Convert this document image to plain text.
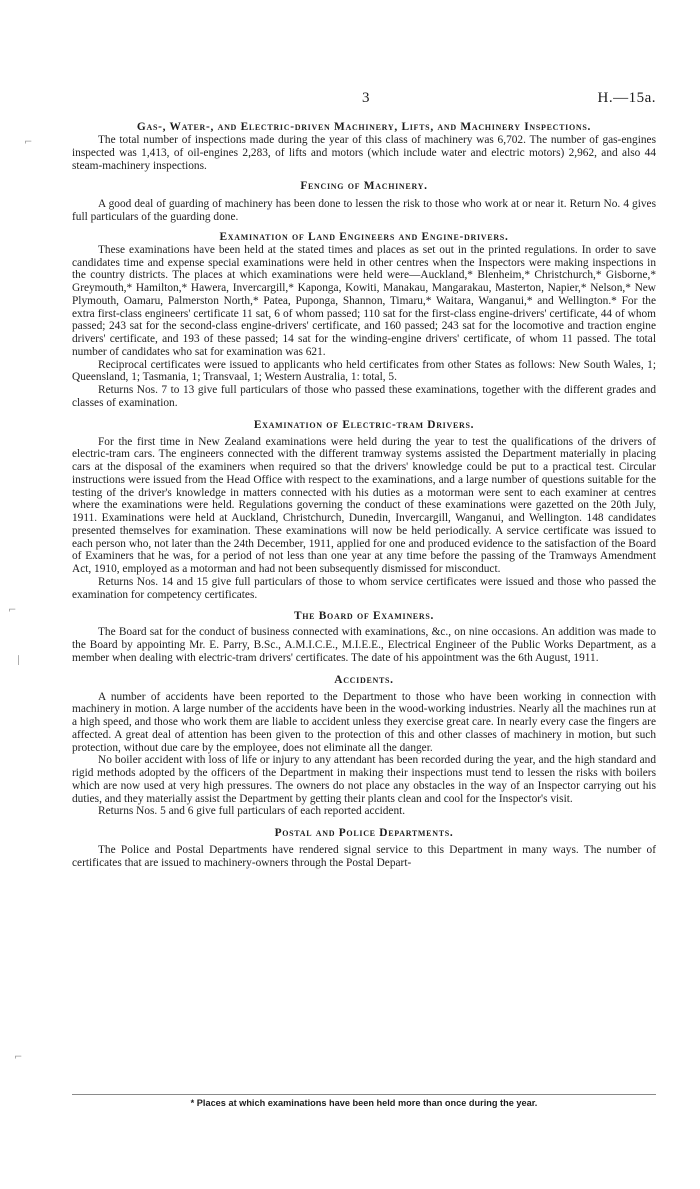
3	H.—15a.
⌐
⌐
∣
⌐
Gas-, Water-, and Electric-driven Machinery, Lifts, and Machinery Inspections.

The total number of inspections made during the year of this class of machinery was 6,702. The number of gas-engines inspected was 1,413, of oil-engines 2,283, of lifts and motors (which include water and electric motors) 2,962, and also 44 steam-machinery inspections.

Fencing of Machinery.

A good deal of guarding of machinery has been done to lessen the risk to those who work at or near it. Return No. 4 gives full particulars of the guarding done.

Examination of Land Engineers and Engine-drivers.

These examinations have been held at the stated times and places as set out in the printed regulations. In order to save candidates time and expense special examinations were held in other centres when the Inspectors were making inspections in the country districts. The places at which examinations were held were—Auckland,* Blenheim,* Christchurch,* Gisborne,* Greymouth,* Hamilton,* Hawera, Invercargill,* Kaponga, Kowiti, Manakau, Mangarakau, Masterton, Napier,* Nelson,* New Plymouth, Oamaru, Palmerston North,* Patea, Puponga, Shannon, Timaru,* Waitara, Wanganui,* and Wellington.* For the extra first-class engineers' certificate 11 sat, 6 of whom passed; 110 sat for the first-class engine-drivers' certificate, 44 of whom passed; 243 sat for the second-class engine-drivers' certificate, and 160 passed; 243 sat for the locomotive and traction engine drivers' certificate, and 193 of these passed; 14 sat for the winding-engine drivers' certificate, of whom 11 passed. The total number of candidates who sat for examination was 621.

Reciprocal certificates were issued to applicants who held certificates from other States as follows: New South Wales, 1; Queensland, 1; Tasmania, 1; Transvaal, 1; Western Australia, 1: total, 5.

Returns Nos. 7 to 13 give full particulars of those who passed these examinations, together with the different grades and classes of examination.

Examination of Electric-tram Drivers.

For the first time in New Zealand examinations were held during the year to test the qualifications of the drivers of electric-tram cars. The engineers connected with the different tramway systems assisted the Department materially in placing cars at the disposal of the examiners when required so that the drivers' knowledge could be put to a practical test. Circular instructions were issued from the Head Office with respect to the examinations, and a large number of questions suitable for the testing of the driver's knowledge in matters connected with his duties as a motorman were sent to each examiner at centres where the examinations were held. Regulations governing the conduct of these examinations were gazetted on the 20th July, 1911. Examinations were held at Auckland, Christchurch, Dunedin, Invercargill, Wanganui, and Wellington. 148 candidates presented themselves for examination. These examinations will now be held periodically. A service certificate was issued to each person who, not later than the 24th December, 1911, applied for one and produced evidence to the satisfaction of the Board of Examiners that he was, for a period of not less than one year at any time before the passing of the Tramways Amendment Act, 1910, employed as a motorman and had not been subsequently dismissed for misconduct.

Returns Nos. 14 and 15 give full particulars of those to whom service certificates were issued and those who passed the examination for competency certificates.

The Board of Examiners.

The Board sat for the conduct of business connected with examinations, &c., on nine occasions. An addition was made to the Board by appointing Mr. E. Parry, B.Sc., A.M.I.C.E., M.I.E.E., Electrical Engineer of the Public Works Department, as a member when dealing with electric-tram drivers' certificates. The date of his appointment was the 6th August, 1911.

Accidents.

A number of accidents have been reported to the Department to those who have been working in connection with machinery in motion. A large number of the accidents have been in the wood-working industries. Nearly all the machines run at a high speed, and those who work them are liable to accident unless they exercise great care. In nearly every case the fingers are affected. A great deal of attention has been given to the protection of this and other classes of machinery in motion, but such protection, without due care by the employee, does not eliminate all the danger.

No boiler accident with loss of life or injury to any attendant has been recorded during the year, and the high standard and rigid methods adopted by the officers of the Department in making their inspections must tend to lessen the risks with boilers which are now used at very high pressures. The owners do not place any obstacles in the way of an Inspector carrying out his duties, and they materially assist the Department by getting their plants clean and cool for the Inspector's visit.

Returns Nos. 5 and 6 give full particulars of each reported accident.

Postal and Police Departments.

The Police and Postal Departments have rendered signal service to this Department in many ways. The number of certificates that are issued to machinery-owners through the Postal Depart-

* Places at which examinations have been held more than once during the year.
